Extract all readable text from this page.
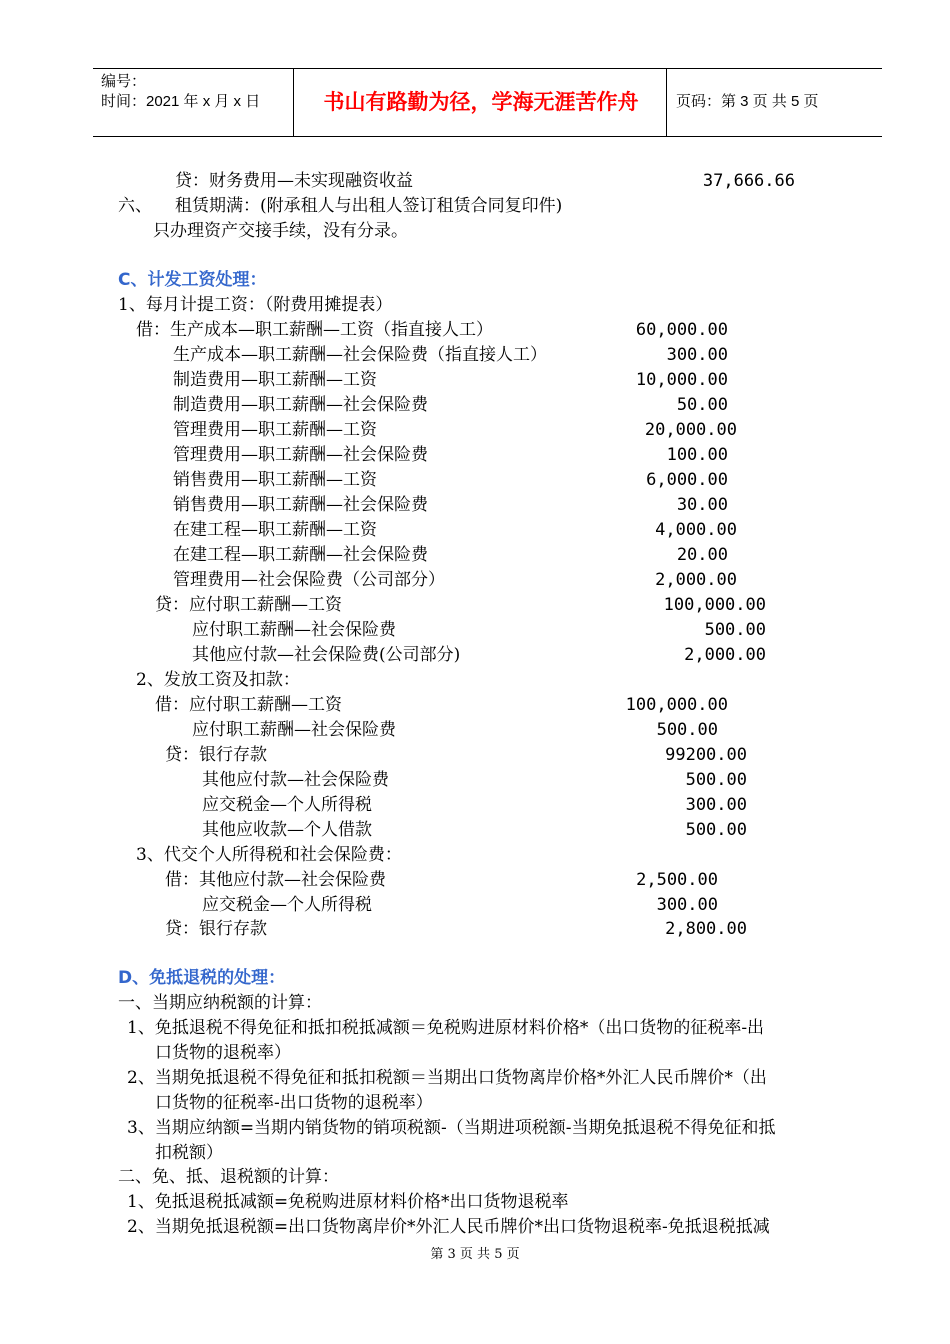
编号：
时间：2021 年 x 月 x 日	书山有路勤为径，学海无涯苦作舟	页码：第 3 页 共 5 页
贷：财务费用—未实现融资收益	37,666.66
六、 租赁期满：(附承租人与出租人签订租赁合同复印件)
只办理资产交接手续，没有分录。
C、计发工资处理：
1、每月计提工资：（附费用摊提表）
借：生产成本—职工薪酬—工资（指直接人工）	60,000.00
生产成本—职工薪酬—社会保险费（指直接人工）	300.00
制造费用—职工薪酬—工资	10,000.00
制造费用—职工薪酬—社会保险费	50.00
管理费用—职工薪酬—工资	20,000.00
管理费用—职工薪酬—社会保险费	100.00
销售费用—职工薪酬—工资	6,000.00
销售费用—职工薪酬—社会保险费	30.00
在建工程—职工薪酬—工资	4,000.00
在建工程—职工薪酬—社会保险费	20.00
管理费用—社会保险费（公司部分）	2,000.00
贷：应付职工薪酬—工资	100,000.00
应付职工薪酬—社会保险费	500.00
其他应付款—社会保险费(公司部分)	2,000.00
2、发放工资及扣款：
借：应付职工薪酬—工资	100,000.00
应付职工薪酬—社会保险费	500.00
贷：银行存款	99200.00
其他应付款—社会保险费	500.00
应交税金—个人所得税	300.00
其他应收款—个人借款	500.00
3、代交个人所得税和社会保险费：
借：其他应付款—社会保险费	2,500.00
应交税金—个人所得税	300.00
贷：银行存款	2,800.00
D、免抵退税的处理：
一、当期应纳税额的计算：
1、免抵退税不得免征和抵扣税抵减额＝免税购进原材料价格*（出口货物的征税率-出
口货物的退税率）
2、当期免抵退税不得免征和抵扣税额＝当期出口货物离岸价格*外汇人民币牌价*（出
口货物的征税率-出口货物的退税率）
3、当期应纳额=当期内销货物的销项税额-（当期进项税额-当期免抵退税不得免征和抵
扣税额）
二、免、抵、退税额的计算：
1、免抵退税抵减额=免税购进原材料价格*出口货物退税率
2、当期免抵退税额=出口货物离岸价*外汇人民币牌价*出口货物退税率-免抵退税抵减
第 3 页 共 5 页
